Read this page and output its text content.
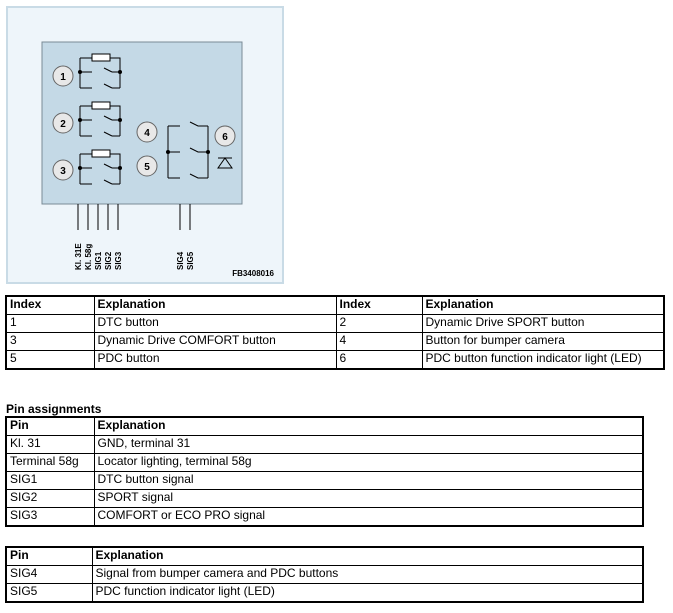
1
2
3
4
5
6
Kl. 31E Kl. 58g SIG1 SIG2 SIG3	SIG4 SIG5
FB3408016
Index	Explanation	Index	Explanation
1	DTC button	2	Dynamic Drive SPORT button
3	Dynamic Drive COMFORT button	4	Button for bumper camera
5	PDC button	6	PDC button function indicator light (LED)
Pin assignments
Pin	Explanation
Kl. 31	GND, terminal 31
Terminal 58g	Locator lighting, terminal 58g
SIG1	DTC button signal
SIG2	SPORT signal
SIG3	COMFORT or ECO PRO signal
Pin	Explanation
SIG4	Signal from bumper camera and PDC buttons
SIG5	PDC function indicator light (LED)
